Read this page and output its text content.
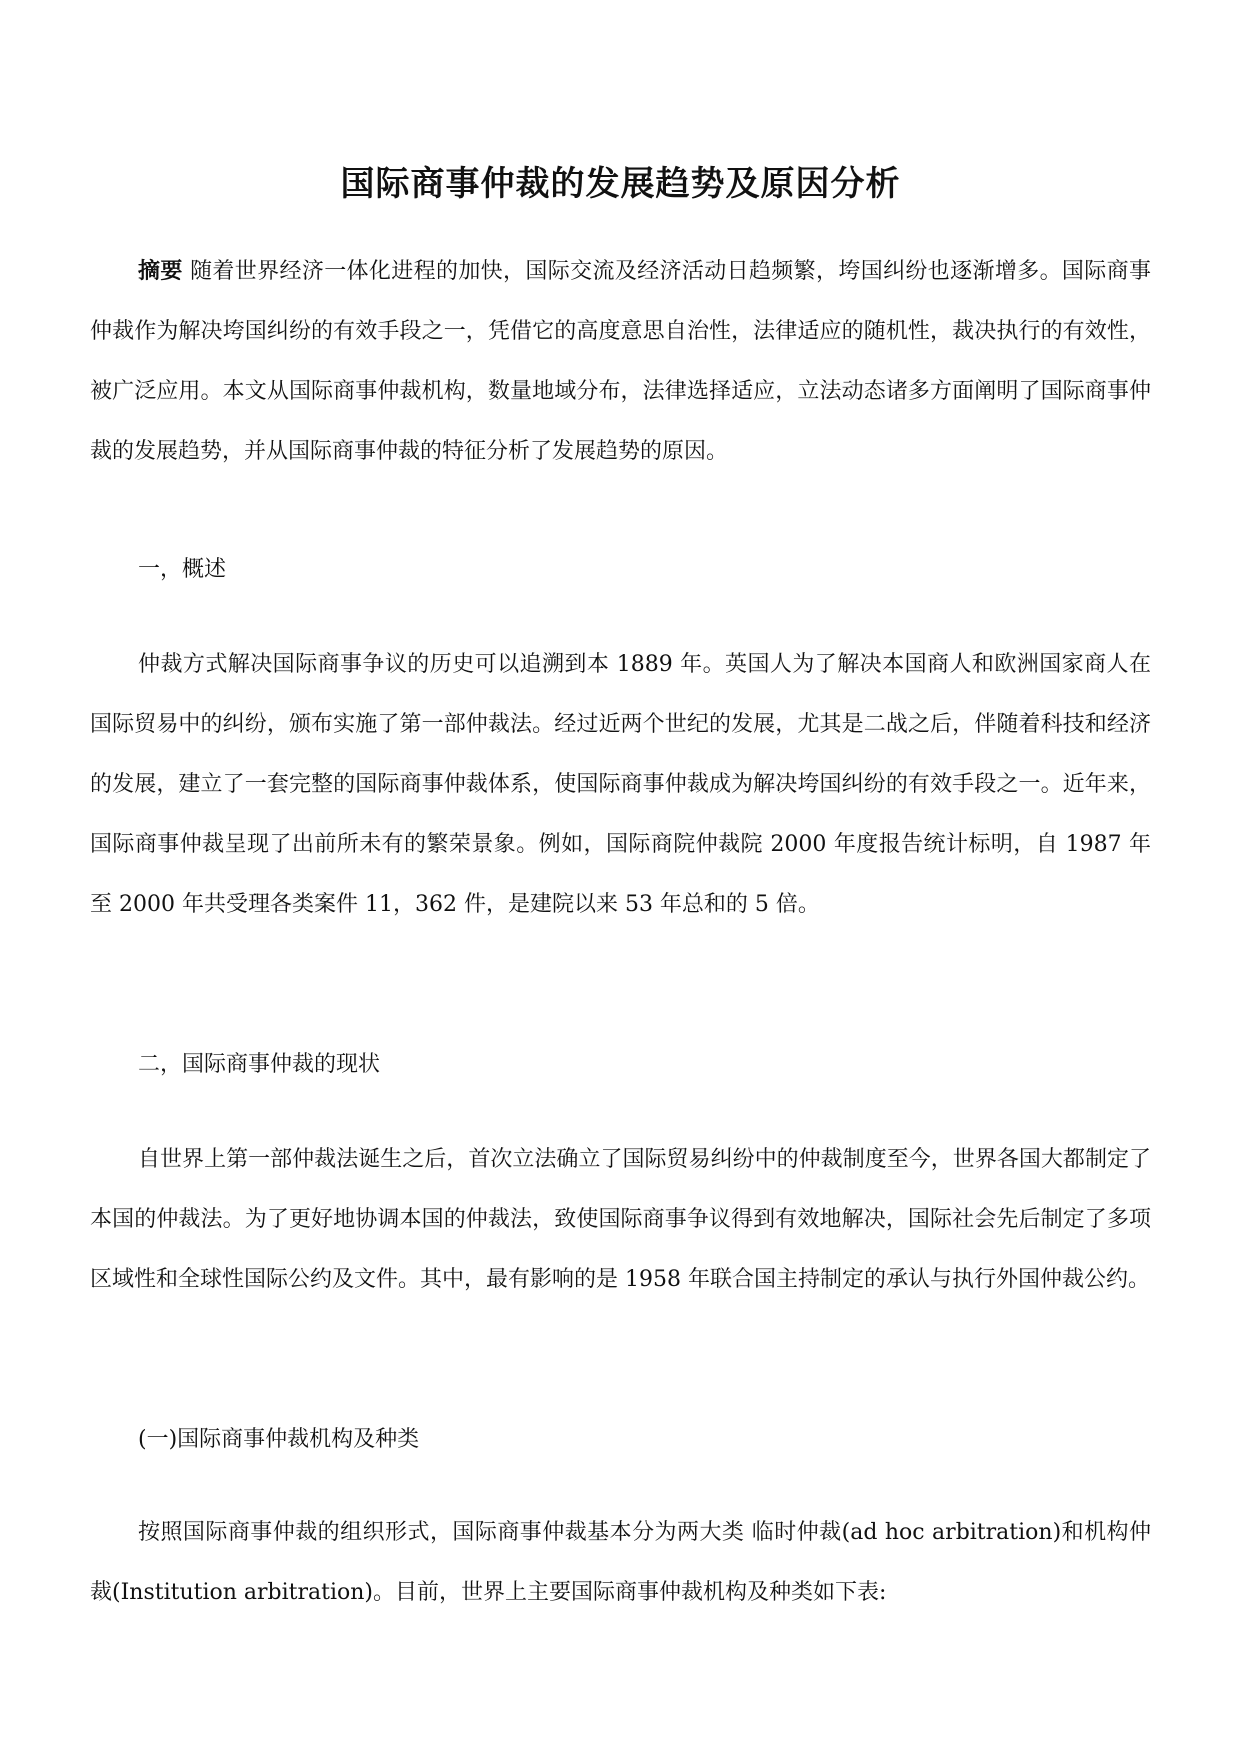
国际商事仲裁的发展趋势及原因分析

摘要 随着世界经济一体化进程的加快，国际交流及经济活动日趋频繁，垮国纠纷也逐渐增多。国际商事仲裁作为解决垮国纠纷的有效手段之一，凭借它的高度意思自治性，法律适应的随机性，裁决执行的有效性，被广泛应用。本文从国际商事仲裁机构，数量地域分布，法律选择适应，立法动态诸多方面阐明了国际商事仲裁的发展趋势，并从国际商事仲裁的特征分析了发展趋势的原因。

一，概述

仲裁方式解决国际商事争议的历史可以追溯到本 1889 年。英国人为了解决本国商人和欧洲国家商人在国际贸易中的纠纷，颁布实施了第一部仲裁法。经过近两个世纪的发展，尤其是二战之后，伴随着科技和经济的发展，建立了一套完整的国际商事仲裁体系，使国际商事仲裁成为解决垮国纠纷的有效手段之一。近年来，国际商事仲裁呈现了出前所未有的繁荣景象。例如，国际商院仲裁院 2000 年度报告统计标明，自 1987 年至 2000 年共受理各类案件 11，362 件，是建院以来 53 年总和的 5 倍。

二，国际商事仲裁的现状

自世界上第一部仲裁法诞生之后，首次立法确立了国际贸易纠纷中的仲裁制度至今，世界各国大都制定了本国的仲裁法。为了更好地协调本国的仲裁法，致使国际商事争议得到有效地解决，国际社会先后制定了多项区域性和全球性国际公约及文件。其中，最有影响的是 1958 年联合国主持制定的承认与执行外国仲裁公约。

(一)国际商事仲裁机构及种类

按照国际商事仲裁的组织形式，国际商事仲裁基本分为两大类 临时仲裁(ad hoc arbitration)和机构仲裁(Institution arbitration)。目前，世界上主要国际商事仲裁机构及种类如下表:
